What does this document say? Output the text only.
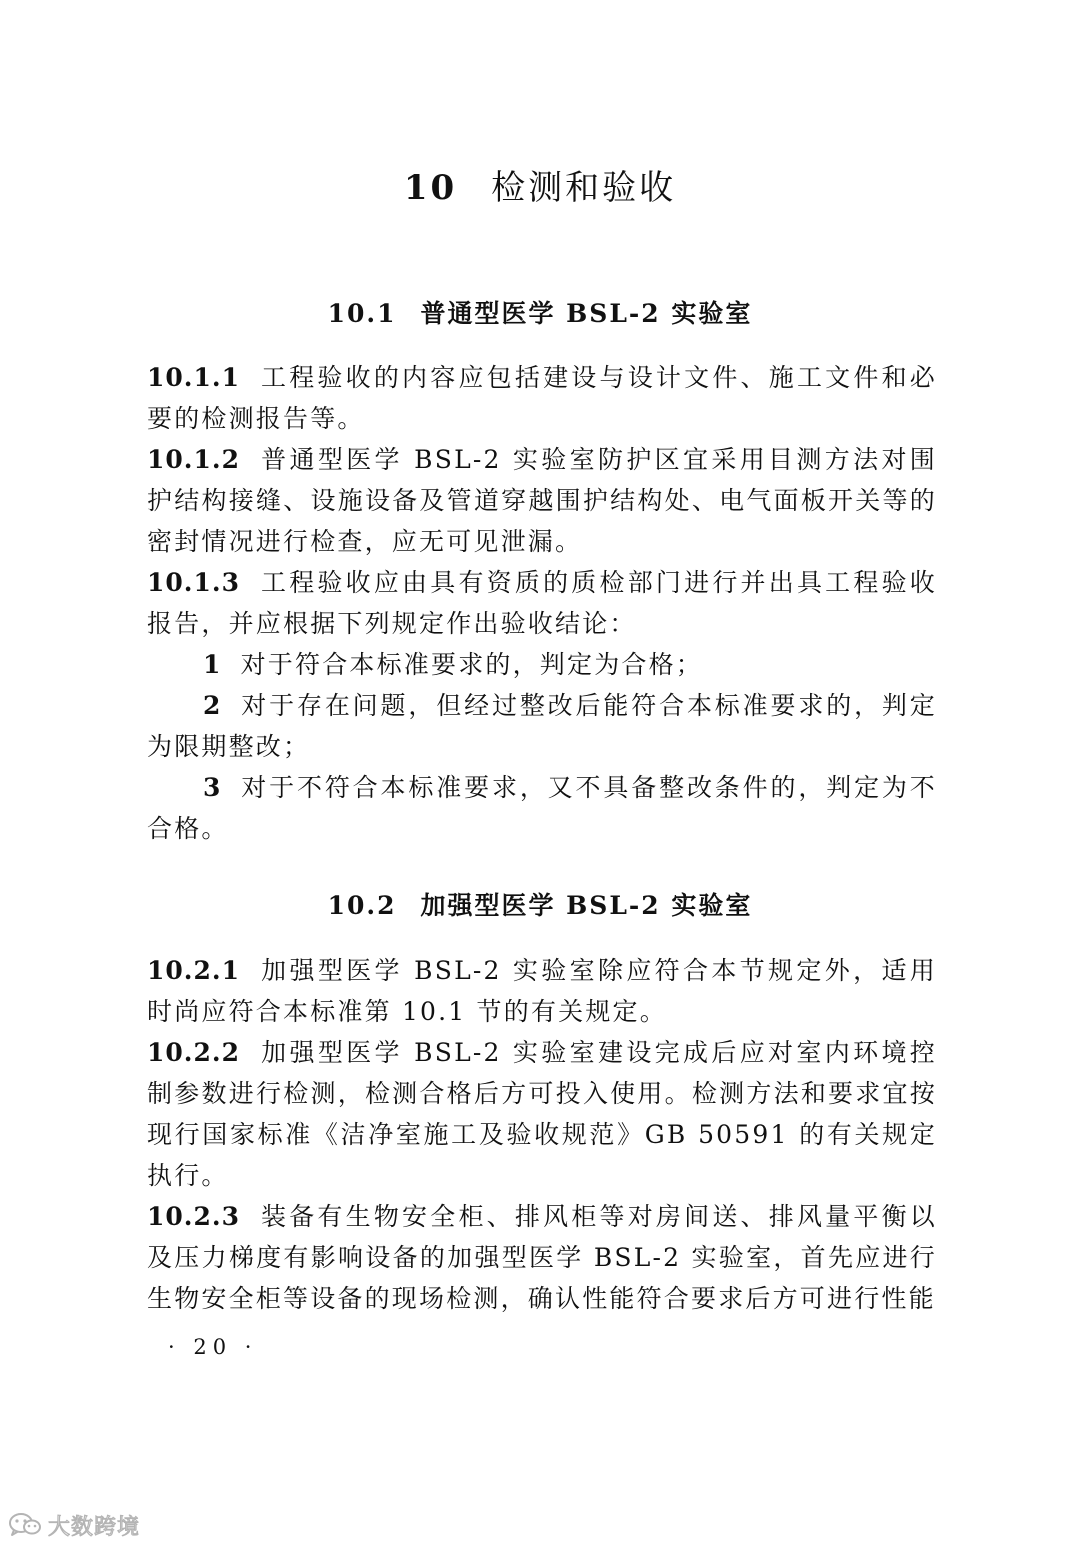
10 检测和验收
10.1 普通型医学 BSL-2 实验室

10.1.1 工程验收的内容应包括建设与设计文件、施工文件和必要的检测报告等。

10.1.2 普通型医学 BSL-2 实验室防护区宜采用目测方法对围护结构接缝、设施设备及管道穿越围护结构处、电气面板开关等的密封情况进行检查，应无可见泄漏。

10.1.3 工程验收应由具有资质的质检部门进行并出具工程验收报告，并应根据下列规定作出验收结论：

1 对于符合本标准要求的，判定为合格；

2 对于存在问题，但经过整改后能符合本标准要求的，判定为限期整改；

3 对于不符合本标准要求，又不具备整改条件的，判定为不合格。

10.2 加强型医学 BSL-2 实验室

10.2.1 加强型医学 BSL-2 实验室除应符合本节规定外，适用时尚应符合本标准第 10.1 节的有关规定。

10.2.2 加强型医学 BSL-2 实验室建设完成后应对室内环境控制参数进行检测，检测合格后方可投入使用。检测方法和要求宜按现行国家标准《洁净室施工及验收规范》GB 50591 的有关规定执行。

10.2.3 装备有生物安全柜、排风柜等对房间送、排风量平衡以及压力梯度有影响设备的加强型医学 BSL-2 实验室，首先应进行生物安全柜等设备的现场检测，确认性能符合要求后方可进行性能

· 20 ·
大数跨境
